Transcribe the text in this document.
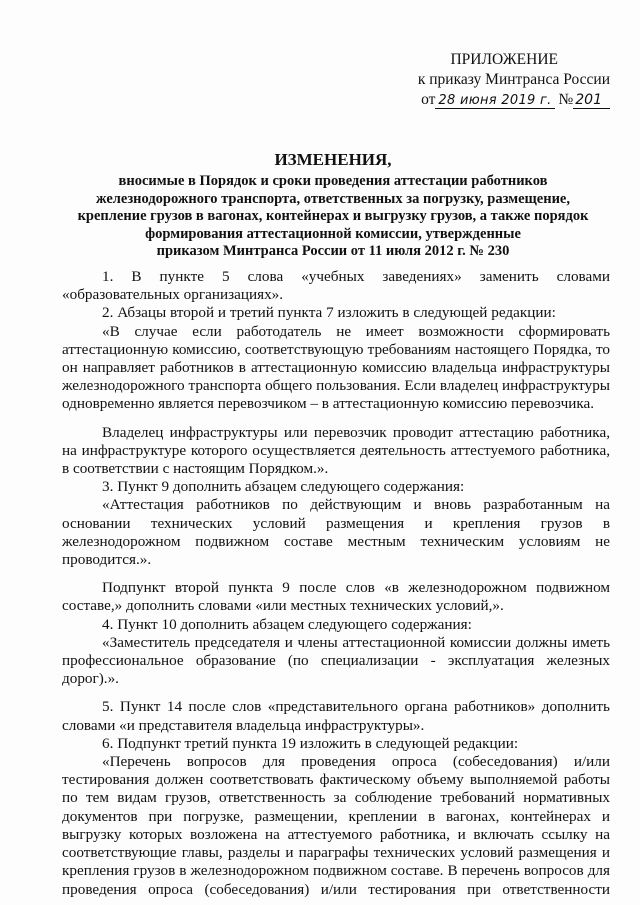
ПРИЛОЖЕНИЕ
к приказу Минтранса России
от 28 июня 2019 г. № 201
ИЗМЕНЕНИЯ,
вносимые в Порядок и сроки проведения аттестации работников
железнодорожного транспорта, ответственных за погрузку, размещение,
крепление грузов в вагонах, контейнерах и выгрузку грузов, а также порядок
формирования аттестационной комиссии, утвержденные
приказом Минтранса России от 11 июля 2012 г. № 230

1. В пункте 5 слова «учебных заведениях» заменить словами «образовательных организациях».

2. Абзацы второй и третий пункта 7 изложить в следующей редакции:

«В случае если работодатель не имеет возможности сформировать аттестационную комиссию, соответствующую требованиям настоящего Порядка, то он направляет работников в аттестационную комиссию владельца инфраструктуры железнодорожного транспорта общего пользования. Если владелец инфраструктуры одновременно является перевозчиком – в аттестационную комиссию перевозчика.

Владелец инфраструктуры или перевозчик проводит аттестацию работника, на инфраструктуре которого осуществляется деятельность аттестуемого работника, в соответствии с настоящим Порядком.».

3. Пункт 9 дополнить абзацем следующего содержания:

«Аттестация работников по действующим и вновь разработанным на основании технических условий размещения и крепления грузов в железнодорожном подвижном составе местным техническим условиям не проводится.».

Подпункт второй пункта 9 после слов «в железнодорожном подвижном составе,» дополнить словами «или местных технических условий,».

4. Пункт 10 дополнить абзацем следующего содержания:

«Заместитель председателя и члены аттестационной комиссии должны иметь профессиональное образование (по специализации - эксплуатация железных дорог).».

5. Пункт 14 после слов «представительного органа работников» дополнить словами «и представителя владельца инфраструктуры».

6. Подпункт третий пункта 19 изложить в следующей редакции:

«Перечень вопросов для проведения опроса (собеседования) и/или тестирования должен соответствовать фактическому объему выполняемой работы по тем видам грузов, ответственность за соблюдение требований нормативных документов при погрузке, размещении, креплении в вагонах, контейнерах и выгрузку которых возложена на аттестуемого работника, и включать ссылку на соответствующие главы, разделы и параграфы технических условий размещения и крепления грузов в железнодорожном подвижном составе. В перечень вопросов для проведения опроса (собеседования) и/или тестирования при ответственности
